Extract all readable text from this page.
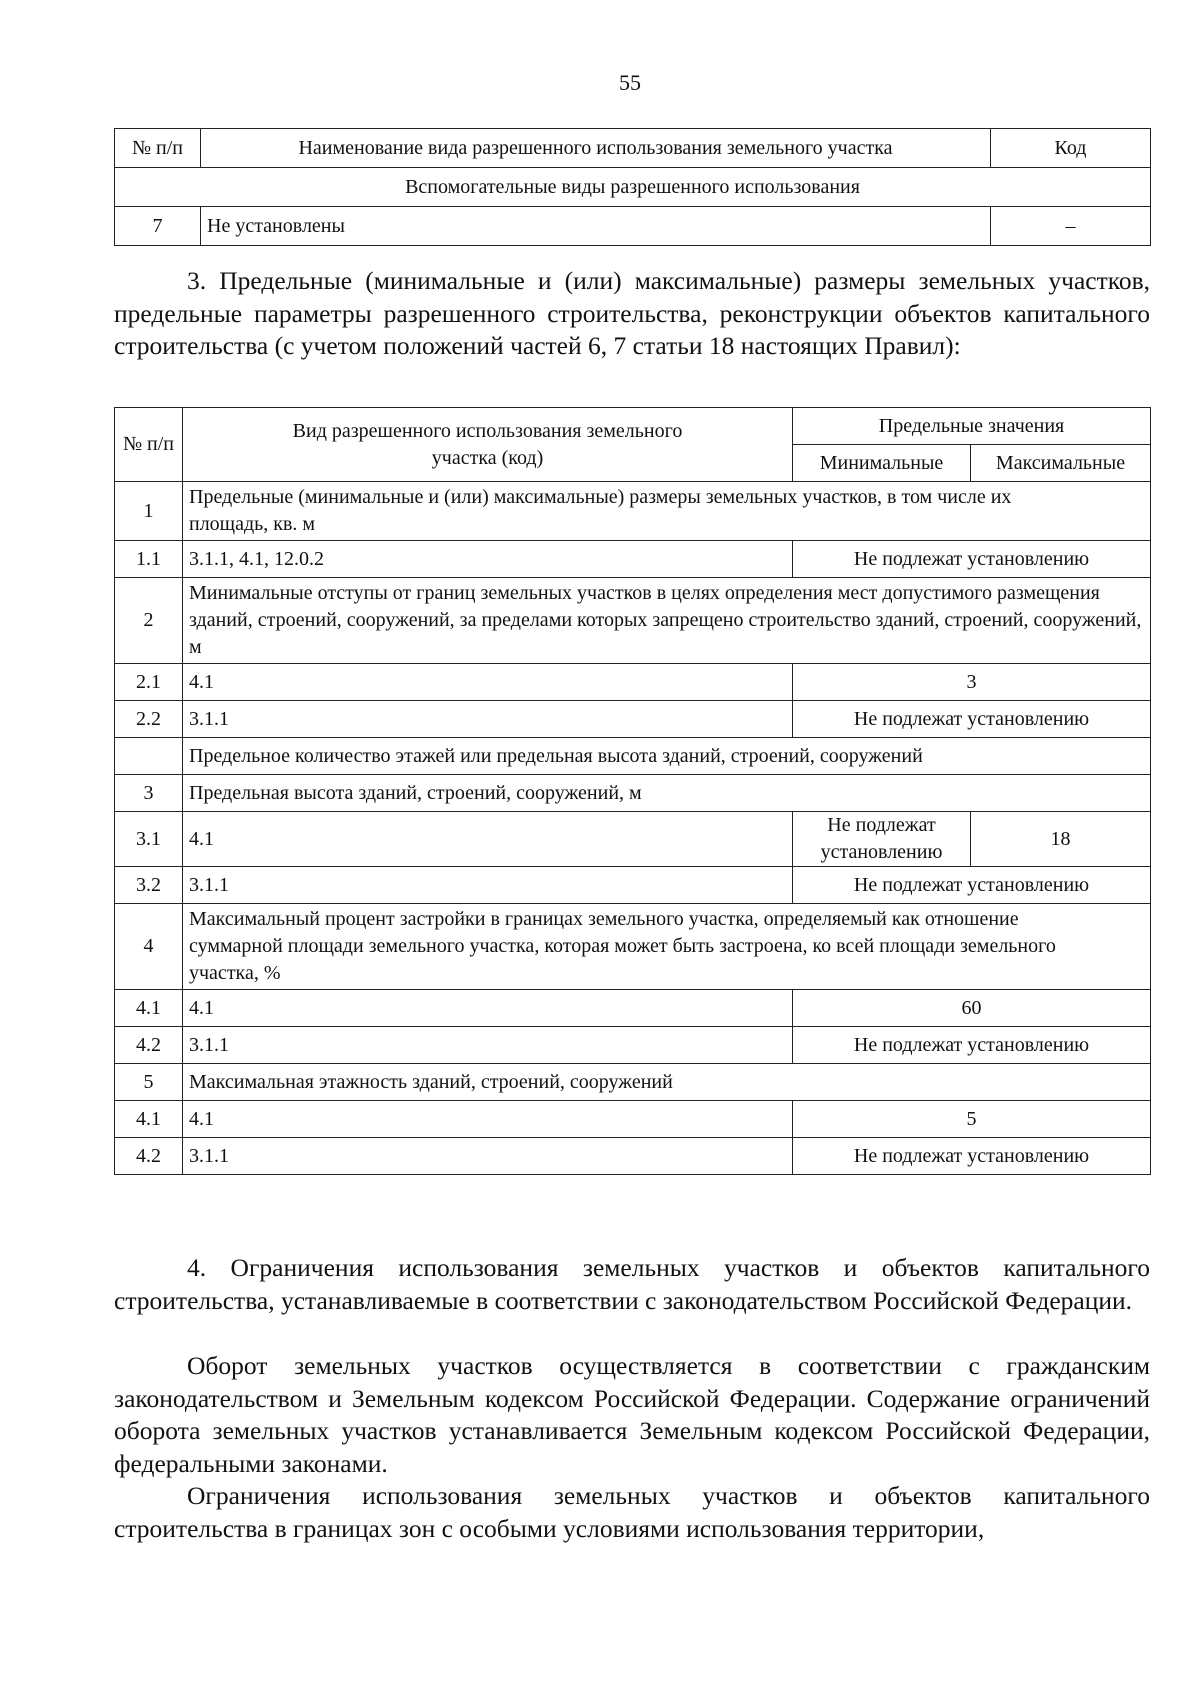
55
№ п/п	Наименование вида разрешенного использования земельного участка	Код
Вспомогательные виды разрешенного использования		
7	Не установлены	–

3. Предельные (минимальные и (или) максимальные) размеры земельных участков, предельные параметры разрешенного строительства, реконструкции объектов капитального строительства (с учетом положений частей 6, 7 статьи 18 настоящих Правил):

№ п/п	Вид разрешенного использования земельного участка (код)	Предельные значения	
		Минимальные	Максимальные
1	Предельные (минимальные и (или) максимальные) размеры земельных участков, в том числе их площадь, кв. м		
1.1	3.1.1, 4.1, 12.0.2	Не подлежат установлению	
2	Минимальные отступы от границ земельных участков в целях определения мест допустимого размещения зданий, строений, сооружений, за пределами которых запрещено строительство зданий, строений, сооружений, м		
2.1	4.1	3	
2.2	3.1.1	Не подлежат установлению	
	Предельное количество этажей или предельная высота зданий, строений, сооружений		
3	Предельная высота зданий, строений, сооружений, м		
3.1	4.1	Не подлежат установлению	18
3.2	3.1.1	Не подлежат установлению	
4	Максимальный процент застройки в границах земельного участка, определяемый как отношение суммарной площади земельного участка, которая может быть застроена, ко всей площади земельного участка, %		
4.1	4.1	60	
4.2	3.1.1	Не подлежат установлению	
5	Максимальная этажность зданий, строений, сооружений		
4.1	4.1	5	
4.2	3.1.1	Не подлежат установлению	

4. Ограничения использования земельных участков и объектов капитального строительства, устанавливаемые в соответствии с законодательством Российской Федерации.

Оборот земельных участков осуществляется в соответствии с гражданским законодательством и Земельным кодексом Российской Федерации. Содержание ограничений оборота земельных участков устанавливается Земельным кодексом Российской Федерации, федеральными законами.

Ограничения использования земельных участков и объектов капитального строительства в границах зон с особыми условиями использования территории,
